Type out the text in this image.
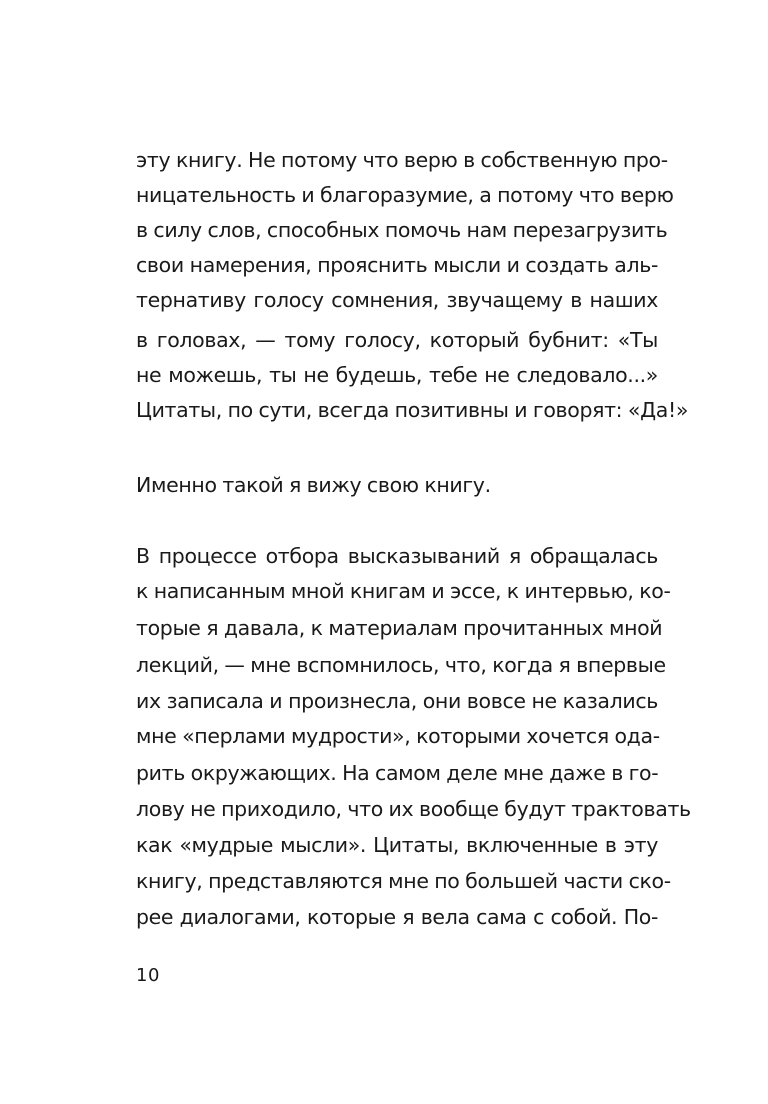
эту книгу. Не потому что верю в собственную про-
ницательность и благоразумие, а потому что верю
в силу слов, способных помочь нам перезагрузить
свои намерения, прояснить мысли и создать аль-
тернативу голосу сомнения, звучащему в наших
в головах, — тому голосу, который бубнит: «Ты
не можешь, ты не будешь, тебе не следовало...»
Цитаты, по сути, всегда позитивны и говорят: «Да!»
Именно такой я вижу свою книгу.
В процессе отбора высказываний я обращалась
к написанным мной книгам и эссе, к интервью, ко-
торые я давала, к материалам прочитанных мной
лекций, — мне вспомнилось, что, когда я впервые
их записала и произнесла, они вовсе не казались
мне «перлами мудрости», которыми хочется ода-
рить окружающих. На самом деле мне даже в го-
лову не приходило, что их вообще будут трактовать
как «мудрые мысли». Цитаты, включенные в эту
книгу, представляются мне по большей части ско-
рее диалогами, которые я вела сама с собой. По-
10
